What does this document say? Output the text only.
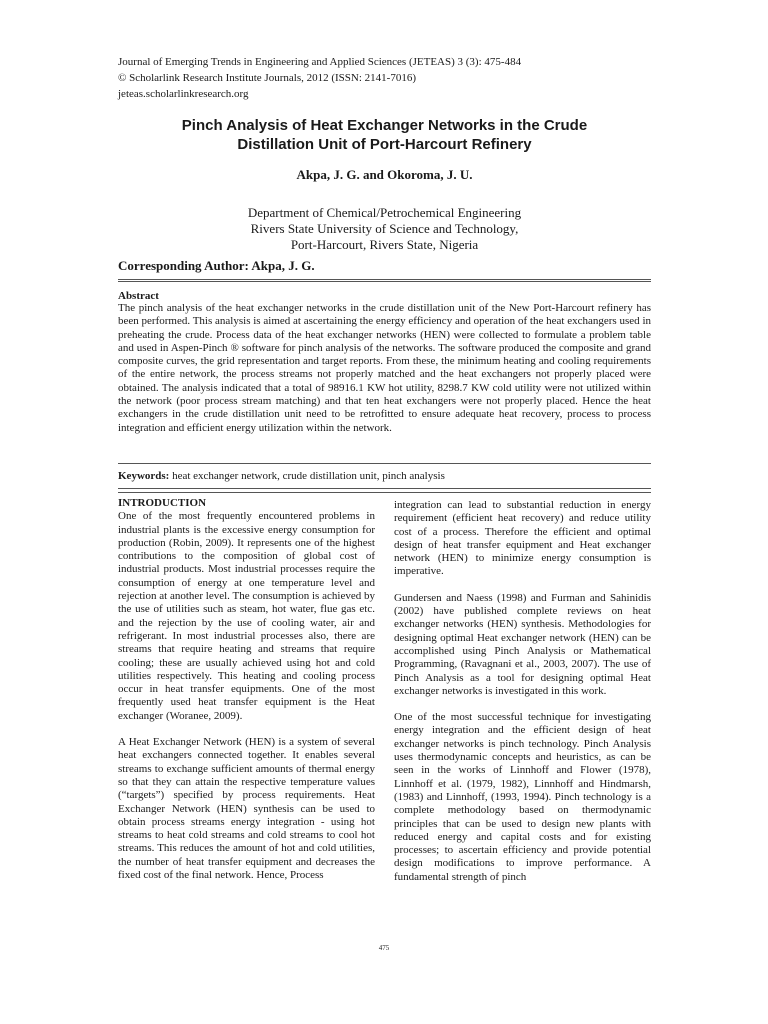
Journal of Emerging Trends in Engineering and Applied Sciences (JETEAS) 3 (3): 475-484
© Scholarlink Research Institute Journals, 2012 (ISSN: 2141-7016)
jeteas.scholarlinkresearch.org
Pinch Analysis of Heat Exchanger Networks in the Crude
Distillation Unit of Port-Harcourt Refinery
Akpa, J. G. and Okoroma, J. U.
Department of Chemical/Petrochemical Engineering
Rivers State University of Science and Technology,
Port-Harcourt, Rivers State, Nigeria
Corresponding Author: Akpa, J. G.
Abstract
The pinch analysis of the heat exchanger networks in the crude distillation unit of the New Port-Harcourt refinery has been performed. This analysis is aimed at ascertaining the energy efficiency and operation of the heat exchangers used in preheating the crude. Process data of the heat exchanger networks (HEN) were collected to formulate a problem table and used in Aspen-Pinch ® software for pinch analysis of the networks. The software produced the composite and grand composite curves, the grid representation and target reports. From these, the minimum heating and cooling requirements of the entire network, the process streams not properly matched and the heat exchangers not properly placed were obtained. The analysis indicated that a total of 98916.1 KW hot utility, 8298.7 KW cold utility were not utilized within the network (poor process stream matching) and that ten heat exchangers were not properly placed. Hence the heat exchangers in the crude distillation unit need to be retrofitted to ensure adequate heat recovery, process to process integration and efficient energy utilization within the network.
Keywords: heat exchanger network, crude distillation unit, pinch analysis
INTRODUCTION

One of the most frequently encountered problems in industrial plants is the excessive energy consumption for production (Robin, 2009). It represents one of the highest contributions to the composition of global cost of industrial products. Most industrial processes require the consumption of energy at one temperature level and rejection at another level. The consumption is achieved by the use of utilities such as steam, hot water, flue gas etc. and the rejection by the use of cooling water, air and refrigerant. In most industrial processes also, there are streams that require heating and streams that require cooling; these are usually achieved using hot and cold utilities respectively. This heating and cooling process occur in heat transfer equipments. One of the most frequently used heat transfer equipment is the Heat exchanger (Woranee, 2009).

A Heat Exchanger Network (HEN) is a system of several heat exchangers connected together. It enables several streams to exchange sufficient amounts of thermal energy so that they can attain the respective temperature values (“targets”) specified by process requirements. Heat Exchanger Network (HEN) synthesis can be used to obtain process streams energy integration - using hot streams to heat cold streams and cold streams to cool hot streams. This reduces the amount of hot and cold utilities, the number of heat transfer equipment and decreases the fixed cost of the final network. Hence, Process

integration can lead to substantial reduction in energy requirement (efficient heat recovery) and reduce utility cost of a process. Therefore the efficient and optimal design of heat transfer equipment and Heat exchanger network (HEN) to minimize energy consumption is imperative.

Gundersen and Naess (1998) and Furman and Sahinidis (2002) have published complete reviews on heat exchanger networks (HEN) synthesis. Methodologies for designing optimal Heat exchanger network (HEN) can be accomplished using Pinch Analysis or Mathematical Programming, (Ravagnani et al., 2003, 2007). The use of Pinch Analysis as a tool for designing optimal Heat exchanger networks is investigated in this work.

One of the most successful technique for investigating energy integration and the efficient design of heat exchanger networks is pinch technology. Pinch Analysis uses thermodynamic concepts and heuristics, as can be seen in the works of Linnhoff and Flower (1978), Linnhoff et al. (1979, 1982), Linnhoff and Hindmarsh, (1983) and Linnhoff, (1993, 1994). Pinch technology is a complete methodology based on thermodynamic principles that can be used to design new plants with reduced energy and capital costs and for existing processes; to ascertain efficiency and provide potential design modifications to improve performance. A fundamental strength of pinch

475
